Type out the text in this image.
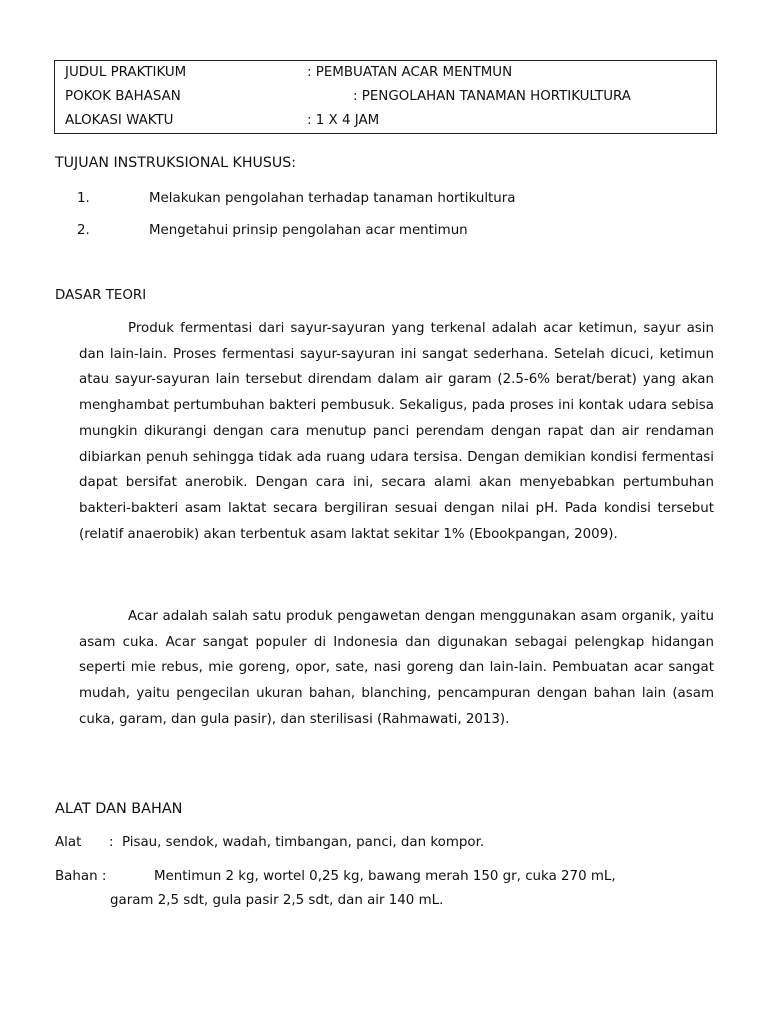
JUDUL PRAKTIKUM	: PEMBUATAN ACAR MENTMUN
POKOK BAHASAN	: PENGOLAHAN TANAMAN HORTIKULTURA
ALOKASI WAKTU	: 1 X 4 JAM
TUJUAN INSTRUKSIONAL KHUSUS:
1.	Melakukan pengolahan terhadap tanaman hortikultura
2.	Mengetahui prinsip pengolahan acar mentimun
DASAR TEORI

Produk fermentasi dari sayur-sayuran yang terkenal adalah acar ketimun, sayur asin dan lain-lain. Proses fermentasi sayur-sayuran ini sangat sederhana. Setelah dicuci, ketimun atau sayur-sayuran lain tersebut direndam dalam air garam (2.5-6% berat/berat) yang akan menghambat pertumbuhan bakteri pembusuk. Sekaligus, pada proses ini kontak udara sebisa mungkin dikurangi dengan cara menutup panci perendam dengan rapat dan air rendaman dibiarkan penuh sehingga tidak ada ruang udara tersisa. Dengan demikian kondisi fermentasi dapat bersifat anerobik. Dengan cara ini, secara alami akan menyebabkan pertumbuhan bakteri-bakteri asam laktat secara bergiliran sesuai dengan nilai pH. Pada kondisi tersebut (relatif anaerobik) akan terbentuk asam laktat sekitar 1% (Ebookpangan, 2009).

Acar adalah salah satu produk pengawetan dengan menggunakan asam organik, yaitu asam cuka. Acar sangat populer di Indonesia dan digunakan sebagai pelengkap hidangan seperti mie rebus, mie goreng, opor, sate, nasi goreng dan lain-lain. Pembuatan acar sangat mudah, yaitu pengecilan ukuran bahan, blanching, pencampuran dengan bahan lain (asam cuka, garam, dan gula pasir), dan sterilisasi (Rahmawati, 2013).

ALAT DAN BAHAN
Alat : Pisau, sendok, wadah, timbangan, panci, dan kompor.
Bahan :	Mentimun 2 kg, wortel 0,25 kg, bawang merah 150 gr, cuka 270 mL,
garam 2,5 sdt, gula pasir 2,5 sdt, dan air 140 mL.
